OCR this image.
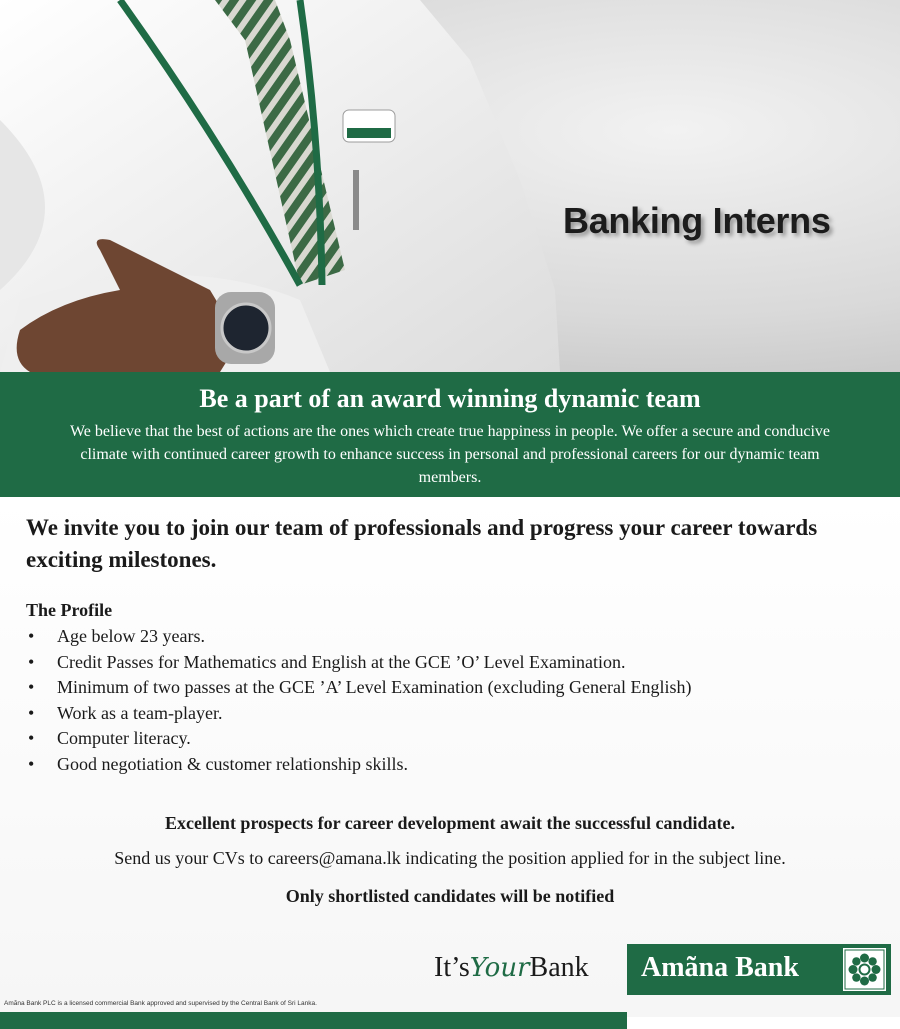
Banking Interns
Be a part of an award winning dynamic team

We believe that the best of actions are the ones which create true happiness in people. We offer a secure and conducive climate with continued career growth to enhance success in personal and professional careers for our dynamic team members.

We invite you to join our team of professionals and progress your career towards exciting milestones.

The Profile

• Age below 23 years.
• Credit Passes for Mathematics and English at the GCE ’O’ Level Examination.
• Minimum of two passes at the GCE ’A’ Level Examination (excluding General English)
• Work as a team-player.
• Computer literacy.
• Good negotiation & customer relationship skills.

Excellent prospects for career development await the successful candidate.

Send us your CVs to careers@amana.lk indicating the position applied for in the subject line.

Only shortlisted candidates will be notified

It’sYourBank Amãna Bank

Amãna Bank PLC is a licensed commercial Bank approved and supervised by the Central Bank of Sri Lanka.
